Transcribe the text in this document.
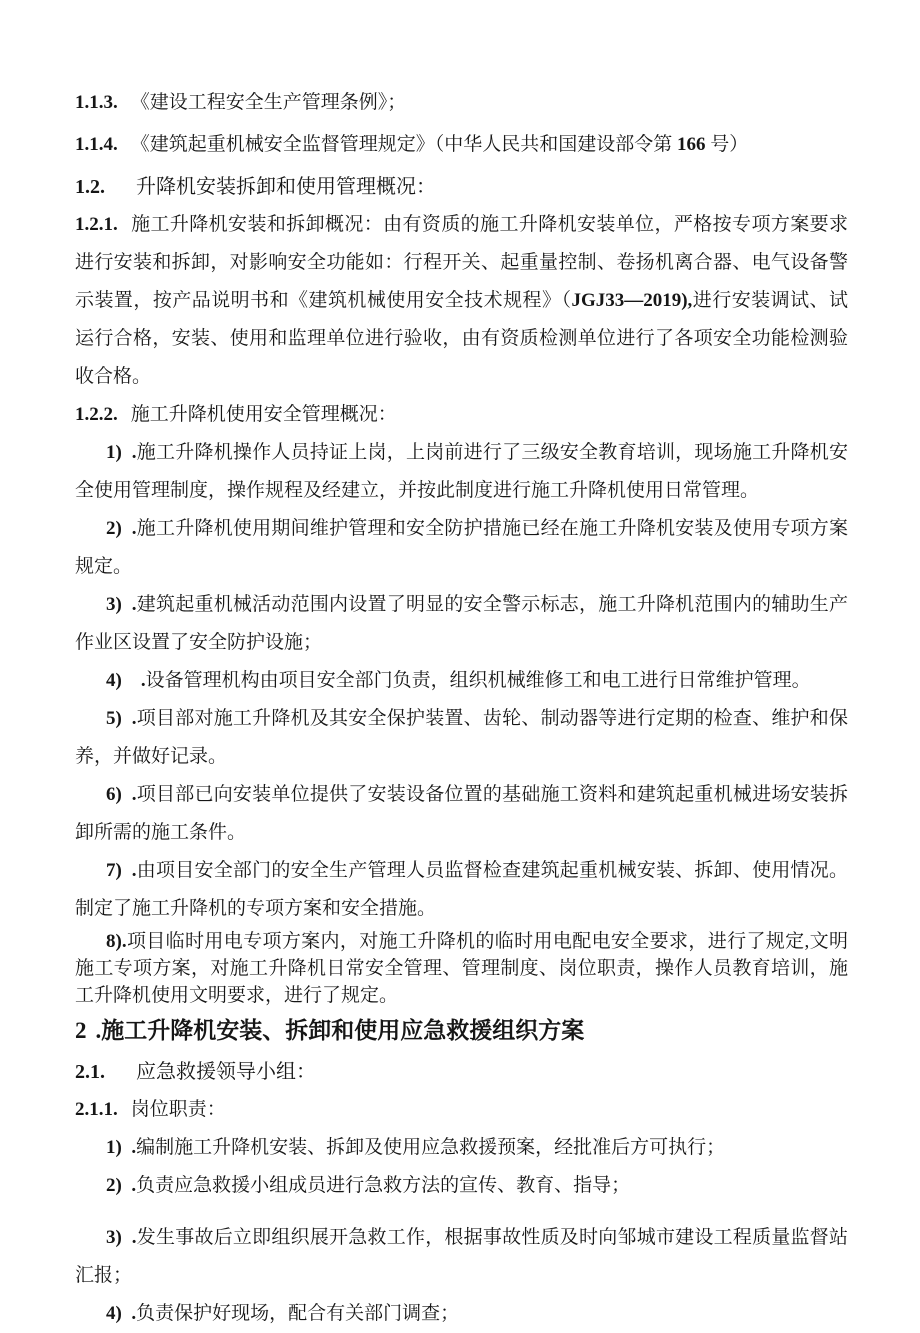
1.1.3. 《建设工程安全生产管理条例》；

1.1.4. 《建筑起重机械安全监督管理规定》（中华人民共和国建设部令第 166 号）

1.2. 升降机安装拆卸和使用管理概况：

1.2.1. 施工升降机安装和拆卸概况：由有资质的施工升降机安装单位，严格按专项方案要求进行安装和拆卸，对影响安全功能如：行程开关、起重量控制、卷扬机离合器、电气设备警示装置，按产品说明书和《建筑机械使用安全技术规程》（JGJ33—2019),进行安装调试、试运行合格，安装、使用和监理单位进行验收，由有资质检测单位进行了各项安全功能检测验收合格。

1.2.2. 施工升降机使用安全管理概况：

1)  .施工升降机操作人员持证上岗，上岗前进行了三级安全教育培训，现场施工升降机安全使用管理制度，操作规程及经建立，并按此制度进行施工升降机使用日常管理。

2)  .施工升降机使用期间维护管理和安全防护措施已经在施工升降机安装及使用专项方案规定。

3)  .建筑起重机械活动范围内设置了明显的安全警示标志，施工升降机范围内的辅助生产作业区设置了安全防护设施；

4)    .设备管理机构由项目安全部门负责，组织机械维修工和电工进行日常维护管理。

5)  .项目部对施工升降机及其安全保护装置、齿轮、制动器等进行定期的检查、维护和保养，并做好记录。

6)  .项目部已向安装单位提供了安装设备位置的基础施工资料和建筑起重机械进场安装拆卸所需的施工条件。

7)  .由项目安全部门的安全生产管理人员监督检查建筑起重机械安装、拆卸、使用情况。制定了施工升降机的专项方案和安全措施。

8).项目临时用电专项方案内，对施工升降机的临时用电配电安全要求，进行了规定,文明施工专项方案，对施工升降机日常安全管理、管理制度、岗位职责，操作人员教育培训，施工升降机使用文明要求，进行了规定。

2 .施工升降机安装、拆卸和使用应急救援组织方案

2.1. 应急救援领导小组：

2.1.1. 岗位职责：

1)  .编制施工升降机安装、拆卸及使用应急救援预案，经批准后方可执行；

2)  .负责应急救援小组成员进行急救方法的宣传、教育、指导；

3)  .发生事故后立即组织展开急救工作，根据事故性质及时向邹城市建设工程质量监督站汇报；

4)  .负责保护好现场，配合有关部门调查；
